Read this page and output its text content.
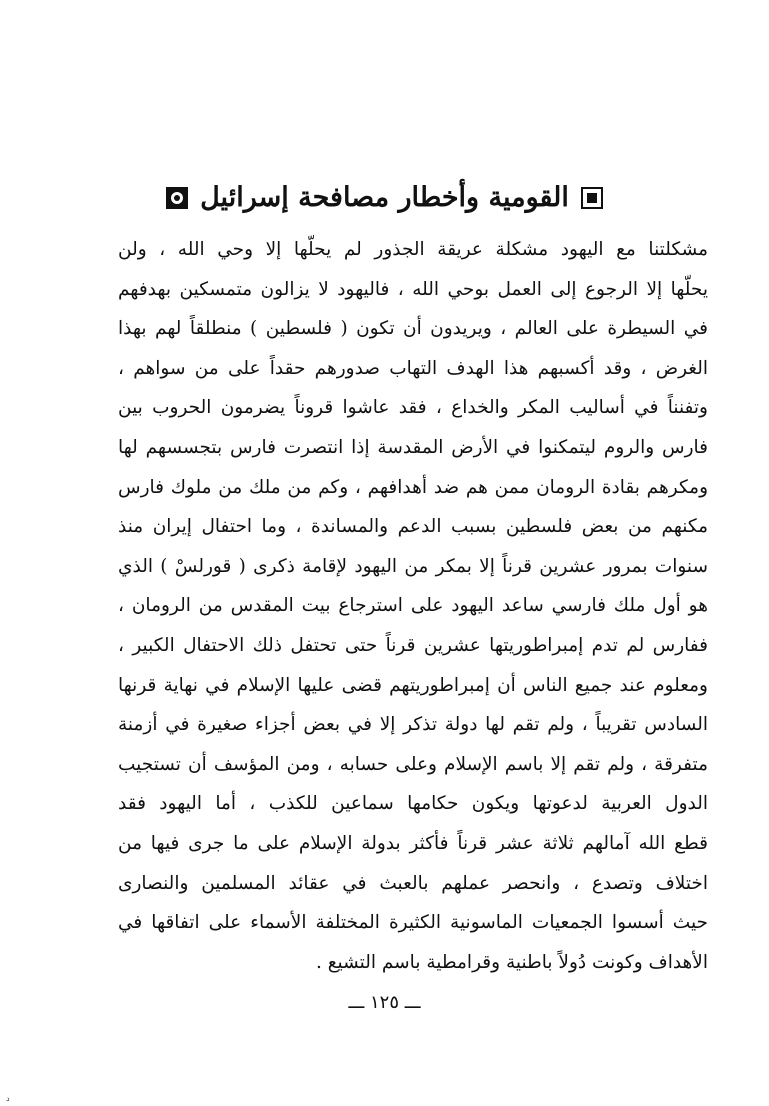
القومية وأخطار مصافحة إسرائيل
مشكلتنا مع اليهود مشكلة عريقة الجذور لم يحلّها إلا وحي الله ، ولن
يحلّها إلا الرجوع إلى العمل بوحي الله ، فاليهود لا يزالون متمسكين بهدفهم
في السيطرة على العالم ، ويريدون أن تكون ( فلسطين ) منطلقاً لهم بهذا
الغرض ، وقد أكسبهم هذا الهدف التهاب صدورهم حقداً على من سواهم ،
وتفنناً في أساليب المكر والخداع ، فقد عاشوا قروناً يضرمون الحروب بين
فارس والروم ليتمكنوا في الأرض المقدسة إذا انتصرت فارس بتجسسهم لها
ومكرهم بقادة الرومان ممن هم ضد أهدافهم ، وكم من ملك من ملوك فارس
مكنهم من بعض فلسطين بسبب الدعم والمساندة ، وما احتفال إيران منذ
سنوات بمرور عشرين قرناً إلا بمكر من اليهود لإقامة ذكرى ( قورلسْ ) الذي
هو أول ملك فارسي ساعد اليهود على استرجاع بيت المقدس من الرومان ،
ففارس لم تدم إمبراطوريتها عشرين قرناً حتى تحتفل ذلك الاحتفال الكبير ،
ومعلوم عند جميع الناس أن إمبراطوريتهم قضى عليها الإسلام في نهاية قرنها
السادس تقريباً ، ولم تقم لها دولة تذكر إلا في بعض أجزاء صغيرة في أزمنة
متفرقة ، ولم تقم إلا باسم الإسلام وعلى حسابه ، ومن المؤسف أن تستجيب
الدول العربية لدعوتها ويكون حكامها سماعين للكذب ، أما اليهود فقد
قطع الله آمالهم ثلاثة عشر قرناً فأكثر بدولة الإسلام على ما جرى فيها من
اختلاف وتصدع ، وانحصر عملهم بالعبث في عقائد المسلمين والنصارى
حيث أسسوا الجمعيات الماسونية الكثيرة المختلفة الأسماء على اتفاقها في
الأهداف وكونت دُولاً باطنية وقرامطية باسم التشيع .
ـــ ١٢٥ ـــ
د
